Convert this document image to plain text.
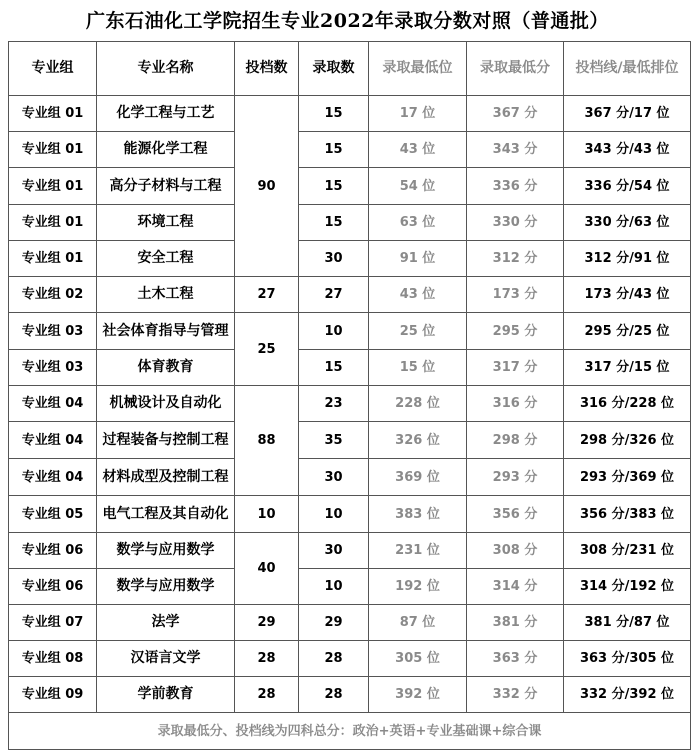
广东石油化工学院招生专业2022年录取分数对照（普通批）
专业组	专业名称	投档数	录取数	录取最低位	录取最低分	投档线/最低排位
专业组 01	化学工程与工艺	90	15	17 位	367 分	367 分/17 位
专业组 01	能源化学工程		15	43 位	343 分	343 分/43 位
专业组 01	高分子材料与工程		15	54 位	336 分	336 分/54 位
专业组 01	环境工程		15	63 位	330 分	330 分/63 位
专业组 01	安全工程		30	91 位	312 分	312 分/91 位
专业组 02	土木工程	27	27	43 位	173 分	173 分/43 位
专业组 03	社会体育指导与管理	25	10	25 位	295 分	295 分/25 位
专业组 03	体育教育		15	15 位	317 分	317 分/15 位
专业组 04	机械设计及自动化	88	23	228 位	316 分	316 分/228 位
专业组 04	过程装备与控制工程		35	326 位	298 分	298 分/326 位
专业组 04	材料成型及控制工程		30	369 位	293 分	293 分/369 位
专业组 05	电气工程及其自动化	10	10	383 位	356 分	356 分/383 位
专业组 06	数学与应用数学	40	30	231 位	308 分	308 分/231 位
专业组 06	数学与应用数学		10	192 位	314 分	314 分/192 位
专业组 07	法学	29	29	87 位	381 分	381 分/87 位
专业组 08	汉语言文学	28	28	305 位	363 分	363 分/305 位
专业组 09	学前教育	28	28	392 位	332 分	332 分/392 位
录取最低分、投档线为四科总分：政治+英语+专业基础课+综合课						
